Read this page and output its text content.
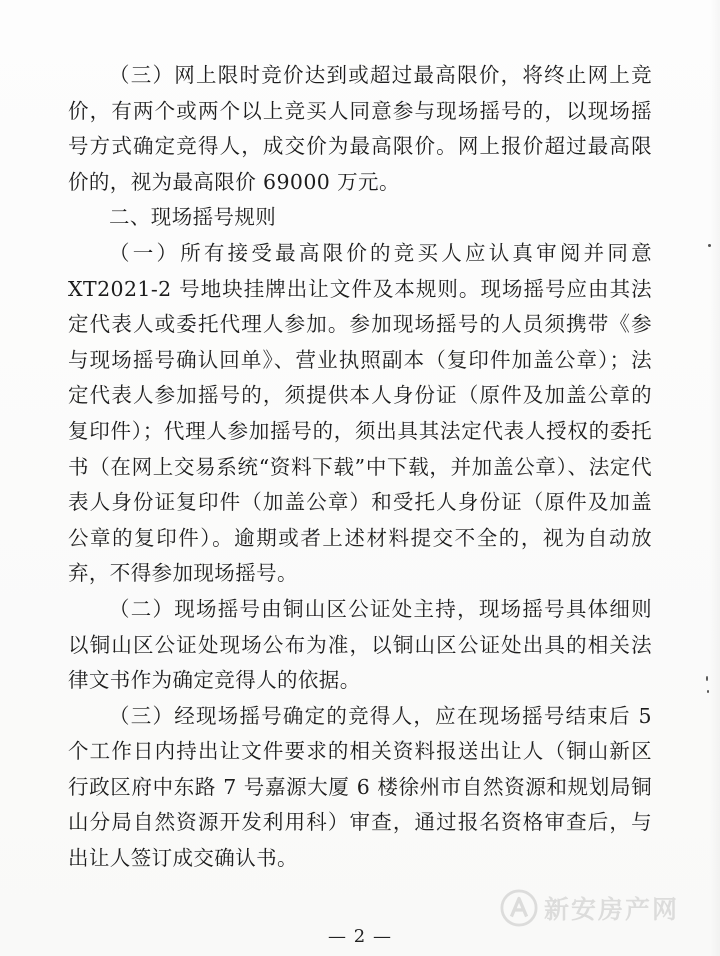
（三）网上限时竞价达到或超过最高限价，将终止网上竞价，有两个或两个以上竞买人同意参与现场摇号的，以现场摇号方式确定竞得人，成交价为最高限价。网上报价超过最高限价的，视为最高限价 69000 万元。

二、现场摇号规则

（一）所有接受最高限价的竞买人应认真审阅并同意 XT2021-2 号地块挂牌出让文件及本规则。现场摇号应由其法定代表人或委托代理人参加。参加现场摇号的人员须携带《参与现场摇号确认回单》、营业执照副本（复印件加盖公章）；法定代表人参加摇号的，须提供本人身份证（原件及加盖公章的复印件）；代理人参加摇号的，须出具其法定代表人授权的委托书（在网上交易系统“资料下载”中下载，并加盖公章）、法定代表人身份证复印件（加盖公章）和受托人身份证（原件及加盖公章的复印件）。逾期或者上述材料提交不全的，视为自动放弃，不得参加现场摇号。

（二）现场摇号由铜山区公证处主持，现场摇号具体细则以铜山区公证处现场公布为准，以铜山区公证处出具的相关法律文书作为确定竞得人的依据。

（三）经现场摇号确定的竞得人，应在现场摇号结束后 5 个工作日内持出让文件要求的相关资料报送出让人（铜山新区行政区府中东路 7 号嘉源大厦 6 楼徐州市自然资源和规划局铜山分局自然资源开发利用科）审查，通过报名资格审查后，与出让人签订成交确认书。

新安房产网
— 2 —
